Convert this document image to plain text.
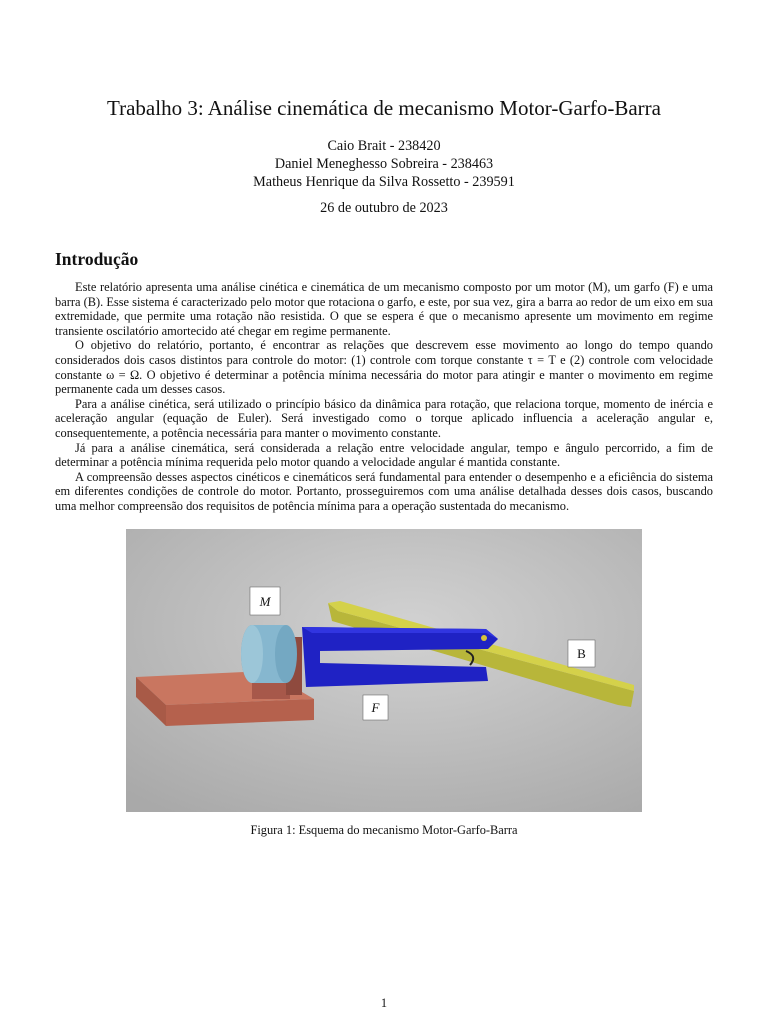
Trabalho 3: Análise cinemática de mecanismo Motor-Garfo-Barra
Caio Brait - 238420
Daniel Meneghesso Sobreira - 238463
Matheus Henrique da Silva Rossetto - 239591
26 de outubro de 2023
Introdução

Este relatório apresenta uma análise cinética e cinemática de um mecanismo composto por um motor (M), um garfo (F) e uma barra (B). Esse sistema é caracterizado pelo motor que rotaciona o garfo, e este, por sua vez, gira a barra ao redor de um eixo em sua extremidade, que permite uma rotação não resistida. O que se espera é que o mecanismo apresente um movimento em regime transiente oscilatório amortecido até chegar em regime permanente.

O objetivo do relatório, portanto, é encontrar as relações que descrevem esse movimento ao longo do tempo quando considerados dois casos distintos para controle do motor: (1) controle com torque constante τ = T e (2) controle com velocidade constante ω = Ω. O objetivo é determinar a potência mínima necessária do motor para atingir e manter o movimento em regime permanente cada um desses casos.

Para a análise cinética, será utilizado o princípio básico da dinâmica para rotação, que relaciona torque, momento de inércia e aceleração angular (equação de Euler). Será investigado como o torque aplicado influencia a aceleração angular e, consequentemente, a potência necessária para manter o movimento constante.

Já para a análise cinemática, será considerada a relação entre velocidade angular, tempo e ângulo percorrido, a fim de determinar a potência mínima requerida pelo motor quando a velocidade angular é mantida constante.

A compreensão desses aspectos cinéticos e cinemáticos será fundamental para entender o desempenho e a eficiência do sistema em diferentes condições de controle do motor. Portanto, prosseguiremos com uma análise detalhada desses dois casos, buscando uma melhor compreensão dos requisitos de potência mínima para a operação sustentada do mecanismo.

M
F
B
Figura 1: Esquema do mecanismo Motor-Garfo-Barra
1
